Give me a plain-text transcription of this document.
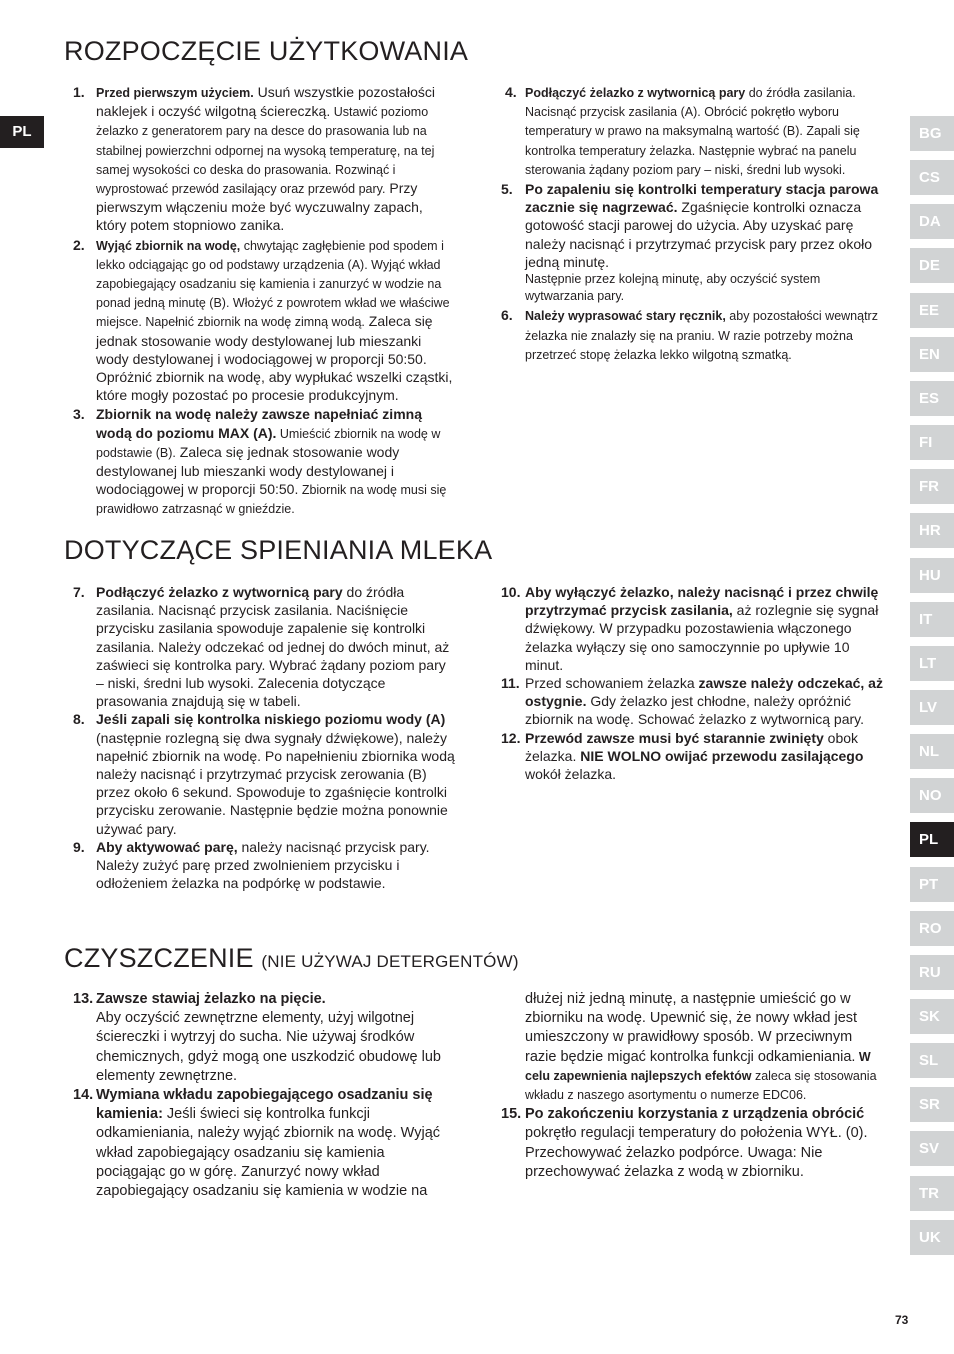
PL
ROZPOCZĘCIE UŻYTKOWANIA
1. Przed pierwszym użyciem. Usuń wszystkie pozostałości naklejek i oczyść wilgotną ściereczką. Ustawić poziomo żelazko z generatorem pary na desce do prasowania lub na stabilnej powierzchni odpornej na wysoką temperaturę, na tej samej wysokości co deska do prasowania. Rozwinąć i wyprostować przewód zasilający oraz przewód pary. Przy pierwszym włączeniu może być wyczuwalny zapach, który potem stopniowo zanika.
2. Wyjąć zbiornik na wodę, chwytając zagłębienie pod spodem i lekko odciągając go od podstawy urządzenia (A). Wyjąć wkład zapobiegający osadzaniu się kamienia i zanurzyć w wodzie na ponad jedną minutę (B). Włożyć z powrotem wkład we właściwe miejsce. Napełnić zbiornik na wodę zimną wodą. Zaleca się jednak stosowanie wody destylowanej lub mieszanki wody destylowanej i wodociągowej w proporcji 50:50. Opróżnić zbiornik na wodę, aby wypłukać wszelki cząstki, które mogły pozostać po procesie produkcyjnym.
3. Zbiornik na wodę należy zawsze napełniać zimną wodą do poziomu MAX (A). Umieścić zbiornik na wodę w podstawie (B). Zaleca się jednak stosowanie wody destylowanej lub mieszanki wody destylowanej i wodociągowej w proporcji 50:50. Zbiornik na wodę musi się prawidłowo zatrzasnąć w gnieździe.
4. Podłączyć żelazko z wytwornicą pary do źródła zasilania. Nacisnąć przycisk zasilania (A). Obrócić pokrętło wyboru temperatury w prawo na maksymalną wartość (B). Zapali się kontrolka temperatury żelazka. Następnie wybrać na panelu sterowania żądany poziom pary – niski, średni lub wysoki.
5. Po zapaleniu się kontrolki temperatury stacja parowa zacznie się nagrzewać. Zgaśnięcie kontrolki oznacza gotowość stacji parowej do użycia. Aby uzyskać parę należy nacisnąć i przytrzymać przycisk pary przez około jedną minutę.
Następnie przez kolejną minutę, aby oczyścić system wytwarzania pary.
6. Należy wyprasować stary ręcznik, aby pozostałości wewnątrz żelazka nie znalazły się na praniu. W razie potrzeby można przetrzeć stopę żelazka lekko wilgotną szmatką.
DOTYCZĄCE SPIENIANIA MLEKA
7. Podłączyć żelazko z wytwornicą pary do źródła zasilania. Nacisnąć przycisk zasilania. Naciśnięcie przycisku zasilania spowoduje zapalenie się kontrolki zasilania. Należy odczekać od jednej do dwóch minut, aż zaświeci się kontrolka pary. Wybrać żądany poziom pary – niski, średni lub wysoki. Zalecenia dotyczące prasowania znajdują się w tabeli.
8. Jeśli zapali się kontrolka niskiego poziomu wody (A) (następnie rozlegną się dwa sygnały dźwiękowe), należy napełnić zbiornik na wodę. Po napełnieniu zbiornika wodą należy nacisnąć i przytrzymać przycisk zerowania (B) przez około 6 sekund. Spowoduje to zgaśnięcie kontrolki przycisku zerowanie. Następnie będzie można ponownie używać pary.
9. Aby aktywować parę, należy nacisnąć przycisk pary. Należy zużyć parę przed zwolnieniem przycisku i odłożeniem żelazka na podpórkę w podstawie.
10. Aby wyłączyć żelazko, należy nacisnąć i przez chwilę przytrzymać przycisk zasilania, aż rozlegnie się sygnał dźwiękowy. W przypadku pozostawienia włączonego żelazka wyłączy się ono samoczynnie po upływie 10 minut.
11. Przed schowaniem żelazka zawsze należy odczekać, aż ostygnie. Gdy żelazko jest chłodne, należy opróżnić zbiornik na wodę. Schować żelazko z wytwornicą pary.
12. Przewód zawsze musi być starannie zwinięty obok żelazka. NIE WOLNO owijać przewodu zasilającego wokół żelazka.
CZYSZCZENIE (NIE UŻYWAJ DETERGENTÓW)
13. Zawsze stawiaj żelazko na pięcie.
Aby oczyścić zewnętrzne elementy, użyj wilgotnej ściereczki i wytrzyj do sucha. Nie używaj środków chemicznych, gdyż mogą one uszkodzić obudowę lub elementy zewnętrzne.
14. Wymiana wkładu zapobiegającego osadzaniu się kamienia: Jeśli świeci się kontrolka funkcji odkamieniania, należy wyjąć zbiornik na wodę. Wyjąć wkład zapobiegający osadzaniu się kamienia pociągając go w górę. Zanurzyć nowy wkład zapobiegający osadzaniu się kamienia w wodzie na
dłużej niż jedną minutę, a następnie umieścić go w zbiorniku na wodę. Upewnić się, że nowy wkład jest umieszczony w prawidłowy sposób. W przeciwnym razie będzie migać kontrolka funkcji odkamieniania. W celu zapewnienia najlepszych efektów zaleca się stosowania wkładu z naszego asortymentu o numerze EDC06.
15. Po zakończeniu korzystania z urządzenia obrócić pokrętło regulacji temperatury do położenia WYŁ. (0). Przechowywać żelazko podpórce. Uwaga: Nie przechowywać żelazka z wodą w zbiorniku.
BG
CS
DA
DE
EE
EN
ES
FI
FR
HR
HU
IT
LT
LV
NL
NO
PL
PT
RO
RU
SK
SL
SR
SV
TR
UK
73
